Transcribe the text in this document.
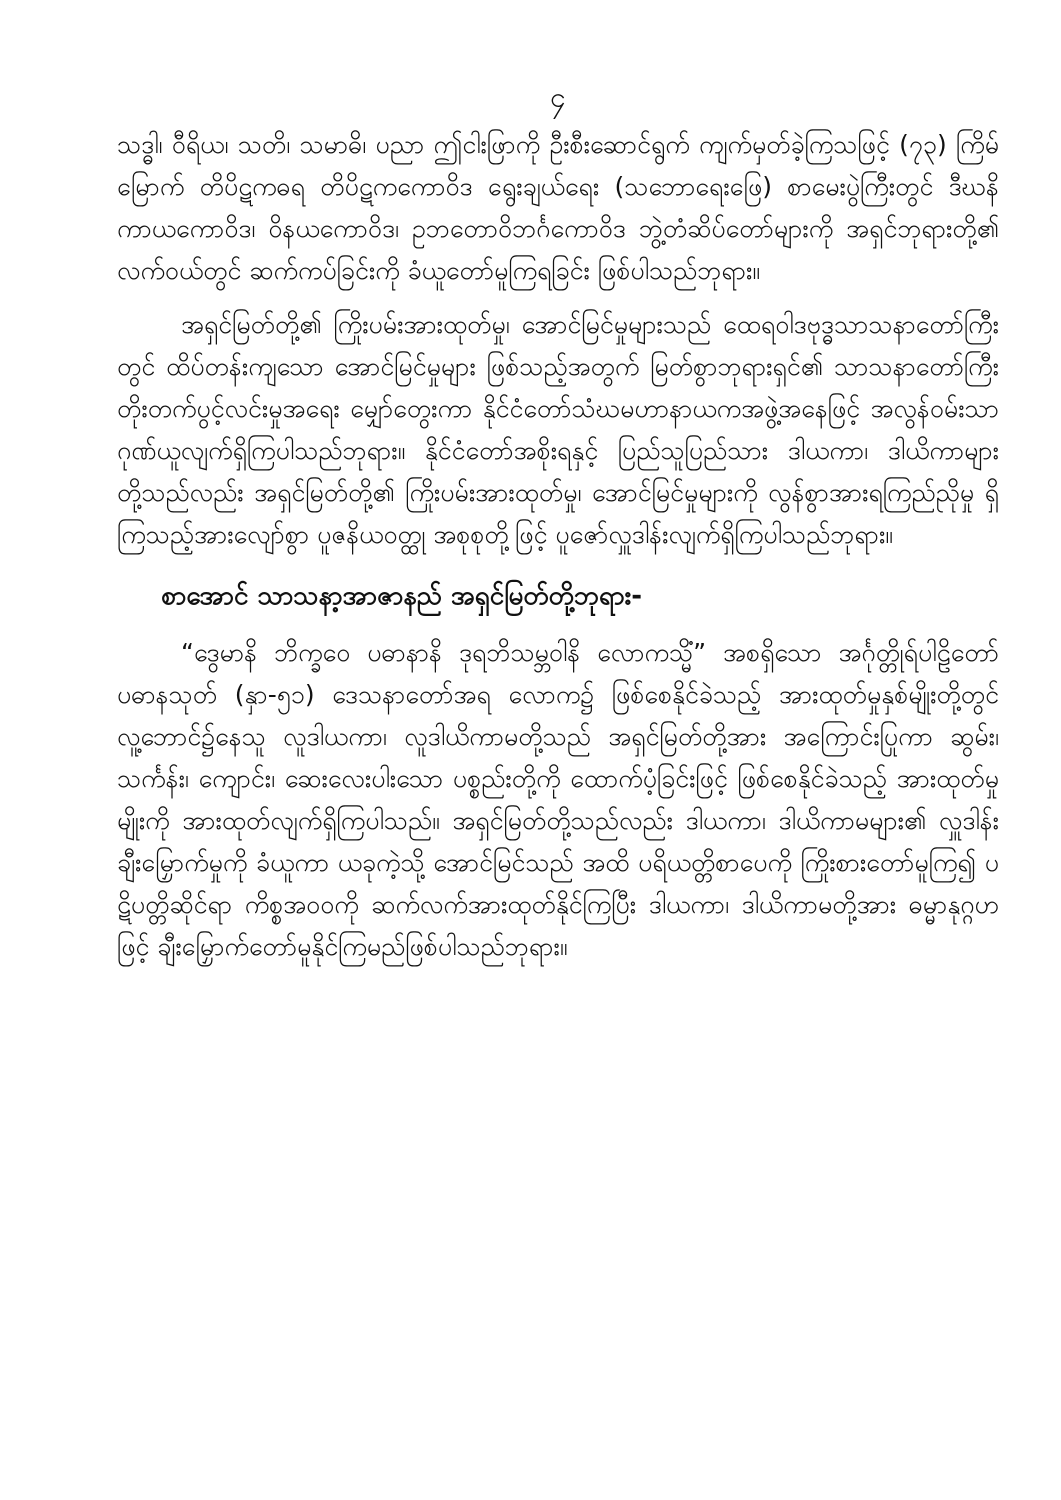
၄

သဒ္ဓါ၊ ဝီရိယ၊ သတိ၊ သမာဓိ၊ ပညာ ဤငါးဖြာကို ဦးစီးဆောင်ရွက် ကျက်မှတ်ခဲ့ကြသဖြင့် (၇၃) ကြိမ်မြောက် တိပိဋကဓရ တိပိဋကကောဝိဒ ရွေးချယ်ရေး (သဘောရေးဖြေ) စာမေးပွဲကြီးတွင် ဒီဃနိကာယကောဝိဒ၊ ဝိနယကောဝိဒ၊ ဥဘတောဝိဘင်္ဂကောဝိဒ ဘွဲ့တံဆိပ်တော်များကို အရှင်ဘုရားတို့၏ လက်ဝယ်တွင် ဆက်ကပ်ခြင်းကို ခံယူတော်မူကြရခြင်း ဖြစ်ပါသည်ဘုရား။

အရှင်မြတ်တို့၏ ကြိုးပမ်းအားထုတ်မှု၊ အောင်မြင်မှုများသည် ထေရဝါဒဗုဒ္ဓသာသနာတော်ကြီးတွင် ထိပ်တန်းကျသော အောင်မြင်မှုများ ဖြစ်သည့်အတွက် မြတ်စွာဘုရားရှင်၏ သာသနာတော်ကြီး တိုးတက်ပွင့်လင်းမှုအရေး မျှော်တွေးကာ နိုင်ငံတော်သံဃမဟာနာယကအဖွဲ့အနေဖြင့် အလွန်ဝမ်းသာ ဂုဏ်ယူလျက်ရှိကြပါသည်ဘုရား။ နိုင်ငံတော်အစိုးရနှင့် ပြည်သူပြည်သား ဒါယကာ၊ ဒါယိကာများတို့သည်လည်း အရှင်မြတ်တို့၏ ကြိုးပမ်းအားထုတ်မှု၊ အောင်မြင်မှုများကို လွန်စွာအားရကြည်ညိုမှု ရှိကြသည့်အားလျော်စွာ ပူဇနိယဝတ္ထု အစုစုတို့ဖြင့် ပူဇော်လှူဒါန်းလျက်ရှိကြပါသည်ဘုရား။

စာအောင် သာသနာ့အာဇာနည် အရှင်မြတ်တို့ဘုရား-

“ဒွေမာနိ ဘိက္ခဝေ ပဓာနာနိ ဒုရဘိသမ္ဘဝါနိ လောကသ္မိံ” အစရှိသော အင်္ဂုတ္တိုရ်ပါဠိတော် ပဓာနသုတ် (နှာ-၅၁) ဒေသနာတော်အရ လောက၌ ဖြစ်စေနိုင်ခဲသည့် အားထုတ်မှုနှစ်မျိုးတို့တွင် လူ့ဘောင်၌နေသူ လူဒါယကာ၊ လူဒါယိကာမတို့သည် အရှင်မြတ်တို့အား အကြောင်းပြုကာ ဆွမ်း၊ သင်္ကန်း၊ ကျောင်း၊ ဆေးလေးပါးသော ပစ္စည်းတို့ကို ထောက်ပံ့ခြင်းဖြင့် ဖြစ်စေနိုင်ခဲသည့် အားထုတ်မှုမျိုးကို အားထုတ်လျက်ရှိကြပါသည်။ အရှင်မြတ်တို့သည်လည်း ဒါယကာ၊ ဒါယိကာမများ၏ လှူဒါန်းချီးမြှောက်မှုကို ခံယူကာ ယခုကဲ့သို့ အောင်မြင်သည် အထိ ပရိယတ္တိစာပေကို ကြိုးစားတော်မူကြ၍ ပဋိပတ္တိဆိုင်ရာ ကိစ္စအဝဝကို ဆက်လက်အားထုတ်နိုင်ကြပြီး ဒါယကာ၊ ဒါယိကာမတို့အား ဓမ္မာနုဂ္ဂဟဖြင့် ချီးမြှောက်တော်မူနိုင်ကြမည်ဖြစ်ပါသည်ဘုရား။
